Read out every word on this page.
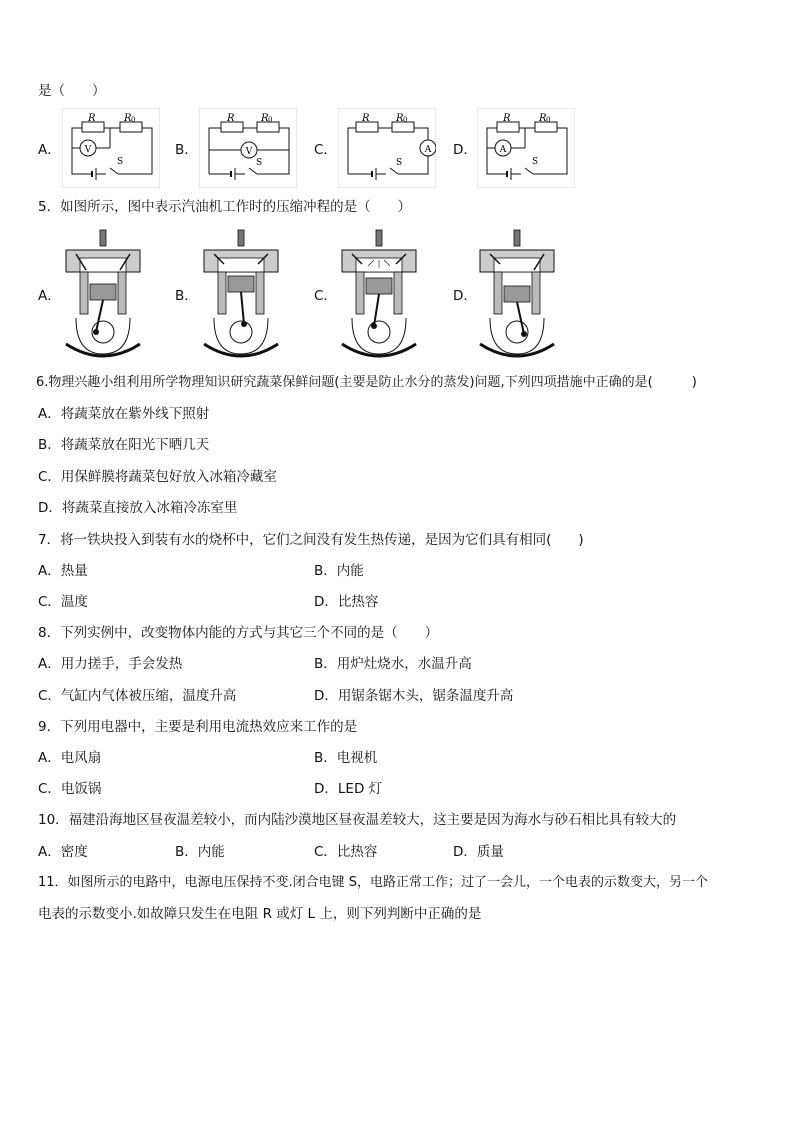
是（　　）
A．	B．	C．	D．
R	R 0
V
S
R	R 0
V
S
R	R 0
A
S
R	R 0
A
S
5．如图所示，图中表示汽油机工作时的压缩冲程的是（　　）
A．	B．	C．	D．
6.物理兴趣小组利用所学物理知识研究蔬菜保鲜问题(主要是防止水分的蒸发)问题,下列四项措施中正确的是(　　　)
A．将蔬菜放在紫外线下照射
B．将蔬菜放在阳光下晒几天
C．用保鲜膜将蔬菜包好放入冰箱冷藏室
D．将蔬菜直接放入冰箱冷冻室里
7．将一铁块投入到装有水的烧杯中，它们之间没有发生热传递，是因为它们具有相同(　　)
A．热量	B．内能
C．温度	D．比热容
8．下列实例中，改变物体内能的方式与其它三个不同的是（　　）
A．用力搓手，手会发热	B．用炉灶烧水，水温升高
C．气缸内气体被压缩，温度升高	D．用锯条锯木头，锯条温度升高
9．下列用电器中，主要是利用电流热效应来工作的是
A．电风扇	B．电视机
C．电饭锅	D．LED 灯
10．福建沿海地区昼夜温差较小，而内陆沙漠地区昼夜温差较大，这主要是因为海水与砂石相比具有较大的
A．密度	B．内能	C．比热容	D．质量
11．如图所示的电路中，电源电压保持不变.闭合电键 S，电路正常工作；过了一会儿，一个电表的示数变大，另一个
电表的示数变小.如故障只发生在电阻 R 或灯 L 上，则下列判断中正确的是
